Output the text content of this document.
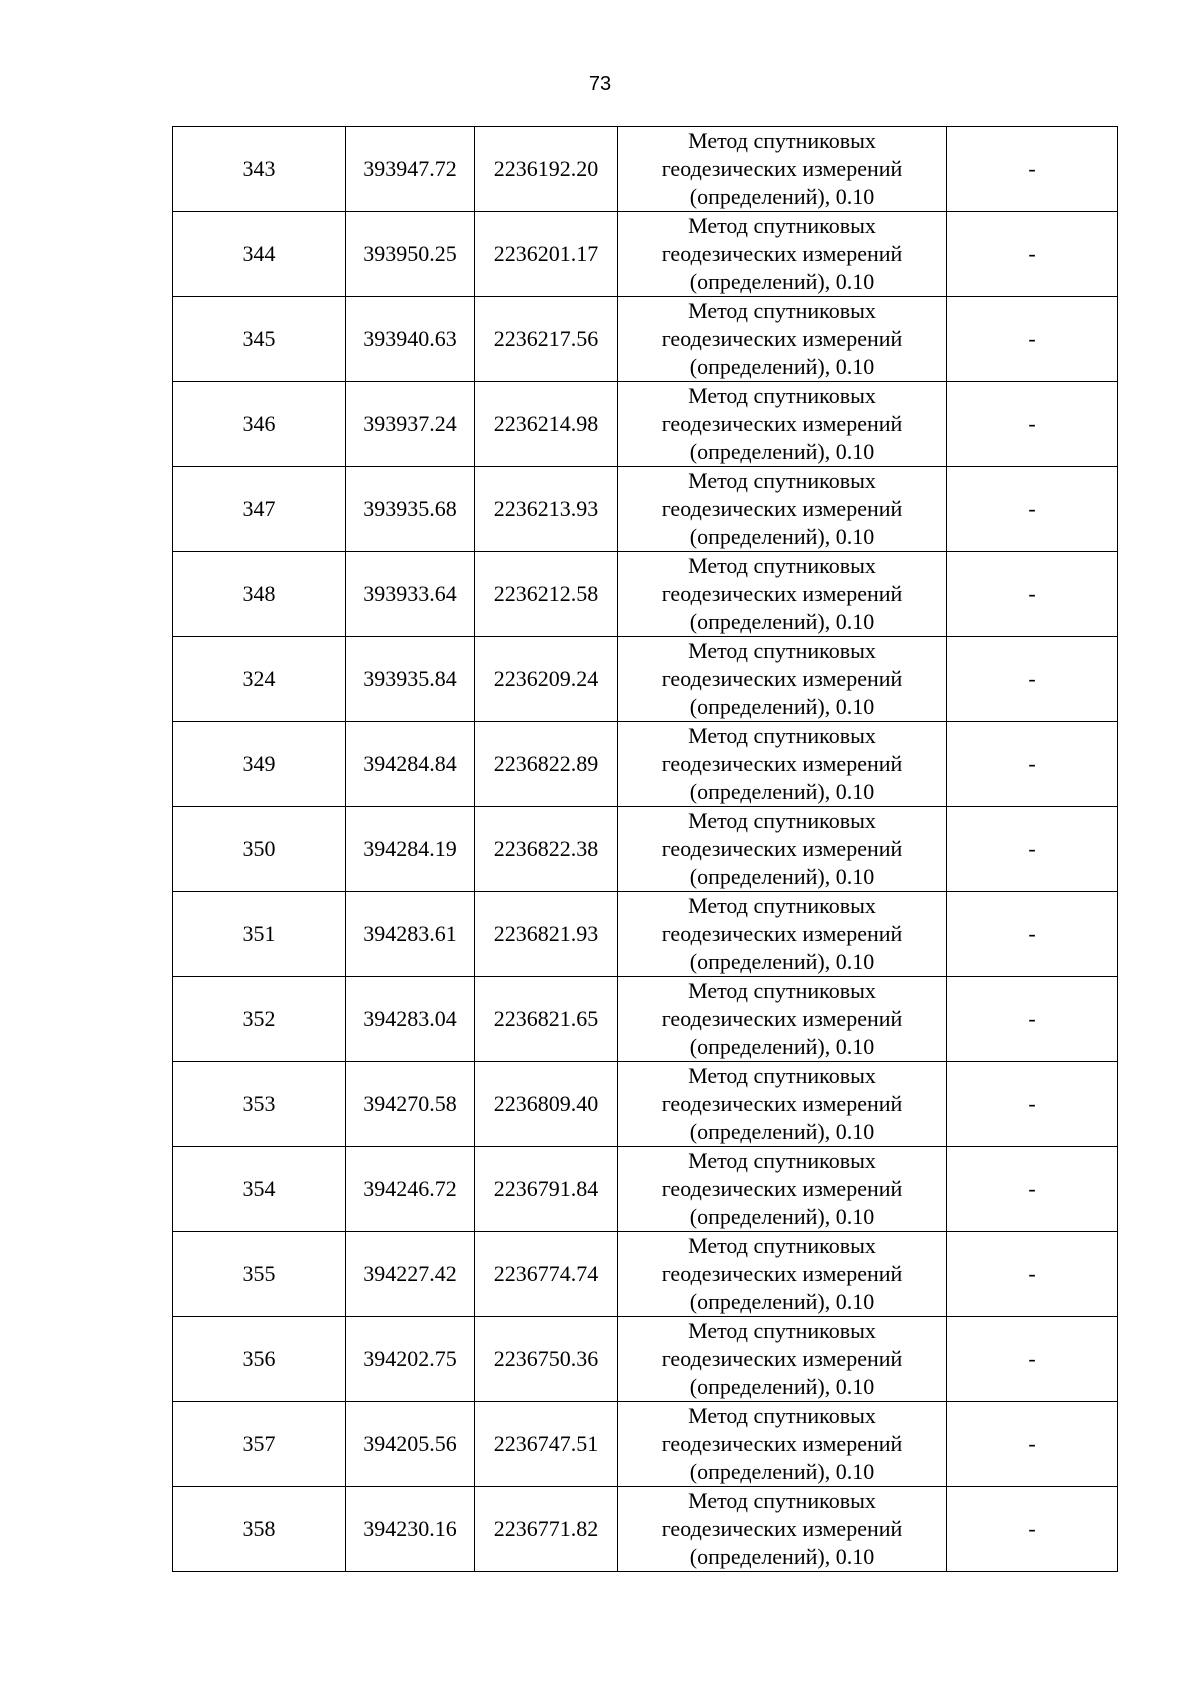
73
343	393947.72	2236192.20	Метод спутниковых геодезических измерений (определений), 0.10	-
344	393950.25	2236201.17	Метод спутниковых геодезических измерений (определений), 0.10	-
345	393940.63	2236217.56	Метод спутниковых геодезических измерений (определений), 0.10	-
346	393937.24	2236214.98	Метод спутниковых геодезических измерений (определений), 0.10	-
347	393935.68	2236213.93	Метод спутниковых геодезических измерений (определений), 0.10	-
348	393933.64	2236212.58	Метод спутниковых геодезических измерений (определений), 0.10	-
324	393935.84	2236209.24	Метод спутниковых геодезических измерений (определений), 0.10	-
349	394284.84	2236822.89	Метод спутниковых геодезических измерений (определений), 0.10	-
350	394284.19	2236822.38	Метод спутниковых геодезических измерений (определений), 0.10	-
351	394283.61	2236821.93	Метод спутниковых геодезических измерений (определений), 0.10	-
352	394283.04	2236821.65	Метод спутниковых геодезических измерений (определений), 0.10	-
353	394270.58	2236809.40	Метод спутниковых геодезических измерений (определений), 0.10	-
354	394246.72	2236791.84	Метод спутниковых геодезических измерений (определений), 0.10	-
355	394227.42	2236774.74	Метод спутниковых геодезических измерений (определений), 0.10	-
356	394202.75	2236750.36	Метод спутниковых геодезических измерений (определений), 0.10	-
357	394205.56	2236747.51	Метод спутниковых геодезических измерений (определений), 0.10	-
358	394230.16	2236771.82	Метод спутниковых геодезических измерений (определений), 0.10	-
